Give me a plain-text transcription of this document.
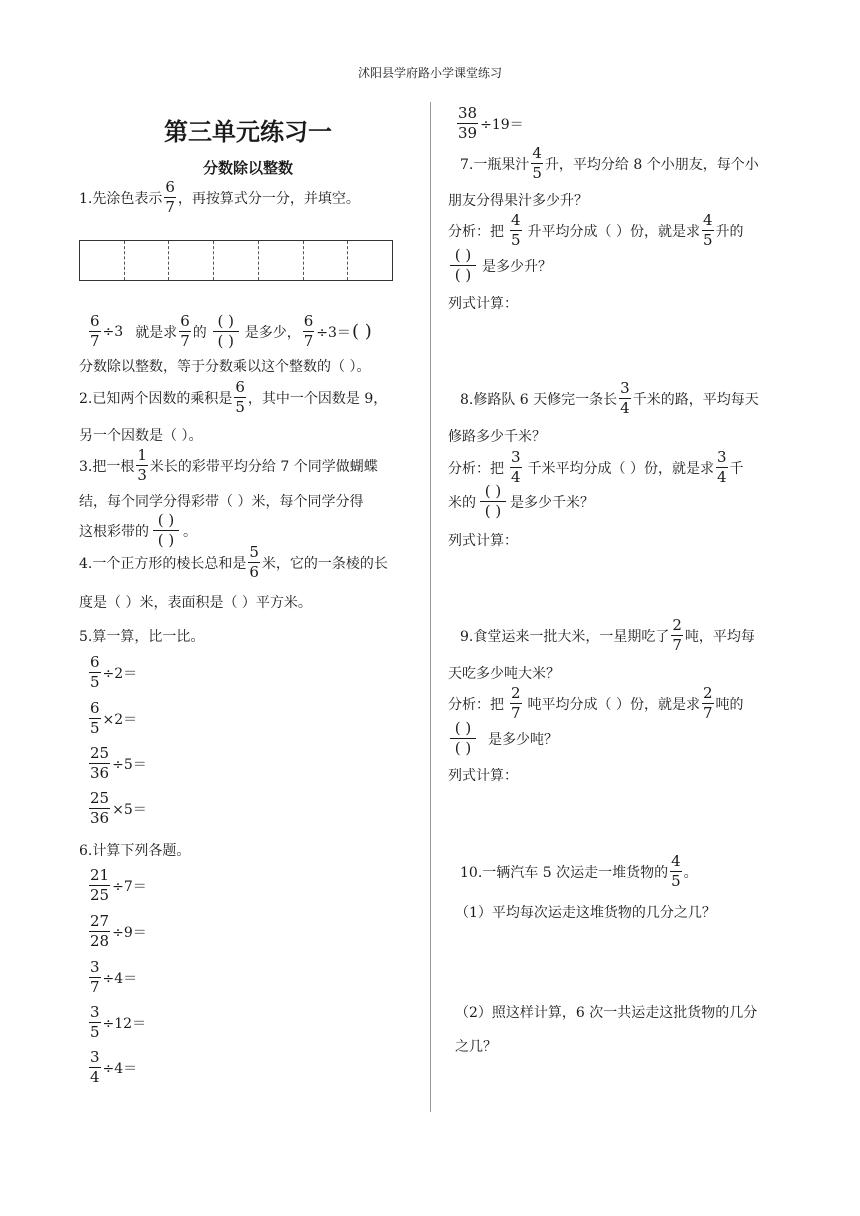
沭阳县学府路小学课堂练习
第三单元练习一
分数除以整数
1.先涂色表示 $\frac{6}{7}$ ，再按算式分一分，并填空。
$\frac{6}{7} \div 3$ 就是求 $\frac{6}{7}$ 的 $\frac{( )}{( )}$ 是多少， $\frac{6}{7} \div 3=$ ( )
分数除以整数，等于分数乘以这个整数的（ ）。
2.已知两个因数的乘积是 $\frac{6}{5}$ ，其中一个因数是 9，
另一个因数是（ ）。
3.把一根 $\frac{1}{3}$ 米长的彩带平均分给 7 个同学做蝴蝶
结，每个同学分得彩带（ ）米，每个同学分得
这根彩带的 $\frac{( )}{( )}$ 。
4.一个正方形的棱长总和是 $\frac{5}{6}$ 米，它的一条棱的长
度是（ ）米，表面积是（ ）平方米。
5.算一算，比一比。
$\frac{6}{5} \div 2=$
$\frac{6}{5} \times 2=$
$\frac{25}{36} \div 5=$
$\frac{25}{36} \times 5=$
6.计算下列各题。
$\frac{21}{25} \div 7=$
$\frac{27}{28} \div 9=$
$\frac{3}{7} \div 4=$
$\frac{3}{5} \div 12=$
$\frac{3}{4} \div 4=$
$\frac{38}{39} \div 19=$
7.一瓶果汁 $\frac{4}{5}$ 升，平均分给 8 个小朋友，每个小
朋友分得果汁多少升？
分析：把 $\frac{4}{5}$ 升平均分成（ ）份，就是求 $\frac{4}{5}$ 升的
$\frac{( )}{( )}$ 是多少升？
列式计算：
8.修路队 6 天修完一条长 $\frac{3}{4}$ 千米的路，平均每天
修路多少千米？
分析：把 $\frac{3}{4}$ 千米平均分成（ ）份，就是求 $\frac{3}{4}$ 千
米的 $\frac{( )}{( )}$ 是多少千米？
列式计算：
9.食堂运来一批大米，一星期吃了 $\frac{2}{7}$ 吨，平均每
天吃多少吨大米？
分析：把 $\frac{2}{7}$ 吨平均分成（ ）份，就是求 $\frac{2}{7}$ 吨的
$\frac{( )}{( )}$ 是多少吨？
列式计算：
10.一辆汽车 5 次运走一堆货物的 $\frac{4}{5}$ 。
（1）平均每次运走这堆货物的几分之几？
（2）照这样计算，6 次一共运走这批货物的几分
之几？
